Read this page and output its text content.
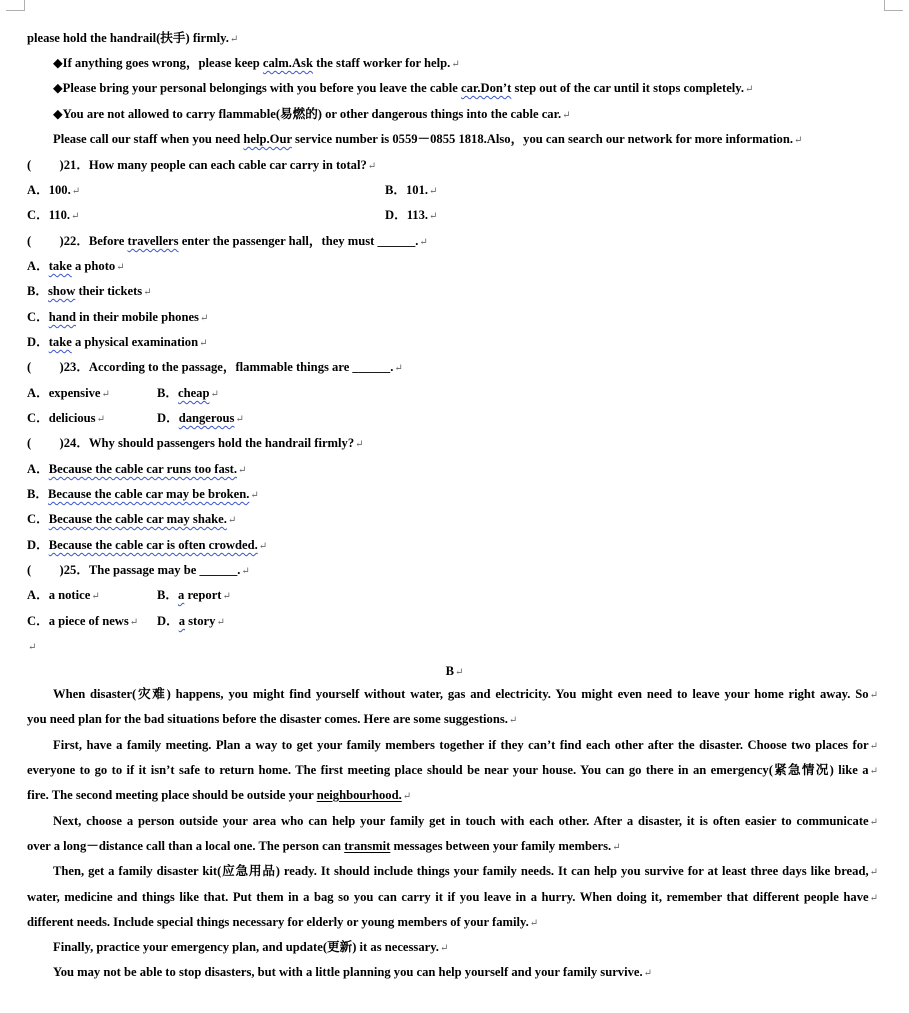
please hold the handrail(扶手) firmly.↵
◆If anything goes wrong，please keep calm.Ask the staff worker for help.↵
◆Please bring your personal belongings with you before you leave the cable car.Don’t step out of the car until it stops completely.↵
◆You are not allowed to carry flammable(易燃的) or other dangerous things into the cable car.↵
Please call our staff when you need help.Our service number is 0559－0855 1818.Also，you can search our network for more information.↵
(　　 )21．How many people can each cable car carry in total?↵
A．100.↵	B．101.↵
C．110.↵	D．113.↵
(　　 )22．Before travellers enter the passenger hall，they must ______.↵
A．take a photo↵
B．show their tickets↵
C．hand in their mobile phones↵
D．take a physical examination↵
(　　 )23．According to the passage，flammable things are ______.↵
A．expensive↵	B．cheap↵
C．delicious↵	D．dangerous↵
(　　 )24．Why should passengers hold the handrail firmly?↵
A．Because the cable car runs too fast.↵
B．Because the cable car may be broken.↵
C．Because the cable car may shake.↵
D．Because the cable car is often crowded.↵
(　　 )25．The passage may be ______.↵
A．a notice↵	B．a report↵
C．a piece of news↵ D．a story↵
↵
B↵
When disaster(灾难) happens, you might find yourself without water, gas and electricity. You might even need to leave your home right away. So↵
you need plan for the bad situations before the disaster comes. Here are some suggestions.↵
First, have a family meeting. Plan a way to get your family members together if they can’t find each other after the disaster. Choose two places for↵
everyone to go to if it isn’t safe to return home. The first meeting place should be near your house. You can go there in an emergency(紧急情况) like a↵
fire. The second meeting place should be outside your neighbourhood.↵
Next, choose a person outside your area who can help your family get in touch with each other. After a disaster, it is often easier to communicate↵
over a long－distance call than a local one. The person can transmit messages between your family members.↵
Then, get a family disaster kit(应急用品) ready. It should include things your family needs. It can help you survive for at least three days like bread,↵
water, medicine and things like that. Put them in a bag so you can carry it if you leave in a hurry. When doing it, remember that different people have↵
different needs. Include special things necessary for elderly or young members of your family.↵
Finally, practice your emergency plan, and update(更新) it as necessary.↵
You may not be able to stop disasters, but with a little planning you can help yourself and your family survive.↵
